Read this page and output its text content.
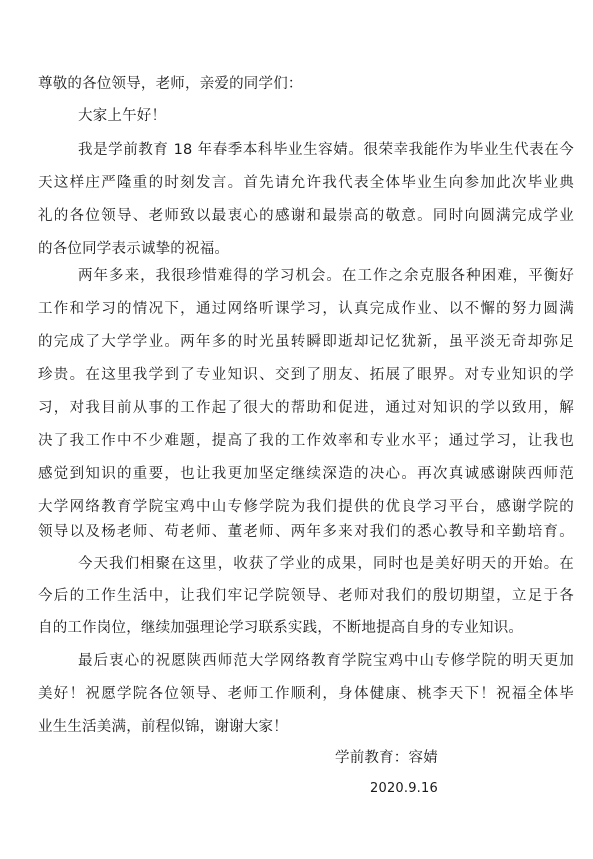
尊敬的各位领导，老师，亲爱的同学们：
大家上午好！
我是学前教育 18 年春季本科毕业生容婧。很荣幸我能作为毕业生代表在今
天这样庄严隆重的时刻发言。首先请允许我代表全体毕业生向参加此次毕业典
礼的各位领导、老师致以最衷心的感谢和最崇高的敬意。同时向圆满完成学业
的各位同学表示诚挚的祝福。
两年多来，我很珍惜难得的学习机会。在工作之余克服各种困难，平衡好
工作和学习的情况下，通过网络听课学习，认真完成作业、以不懈的努力圆满
的完成了大学学业。两年多的时光虽转瞬即逝却记忆犹新，虽平淡无奇却弥足
珍贵。在这里我学到了专业知识、交到了朋友、拓展了眼界。对专业知识的学
习，对我目前从事的工作起了很大的帮助和促进，通过对知识的学以致用，解
决了我工作中不少难题，提高了我的工作效率和专业水平；通过学习，让我也
感觉到知识的重要，也让我更加坚定继续深造的决心。再次真诚感谢陕西师范
大学网络教育学院宝鸡中山专修学院为我们提供的优良学习平台，感谢学院的
领导以及杨老师、苟老师、董老师、两年多来对我们的悉心教导和辛勤培育。
今天我们相聚在这里，收获了学业的成果，同时也是美好明天的开始。在
今后的工作生活中，让我们牢记学院领导、老师对我们的殷切期望，立足于各
自的工作岗位，继续加强理论学习联系实践，不断地提高自身的专业知识。
最后衷心的祝愿陕西师范大学网络教育学院宝鸡中山专修学院的明天更加
美好！祝愿学院各位领导、老师工作顺利，身体健康、桃李天下！祝福全体毕
业生生活美满，前程似锦，谢谢大家！
学前教育：容婧
2020.9.16
